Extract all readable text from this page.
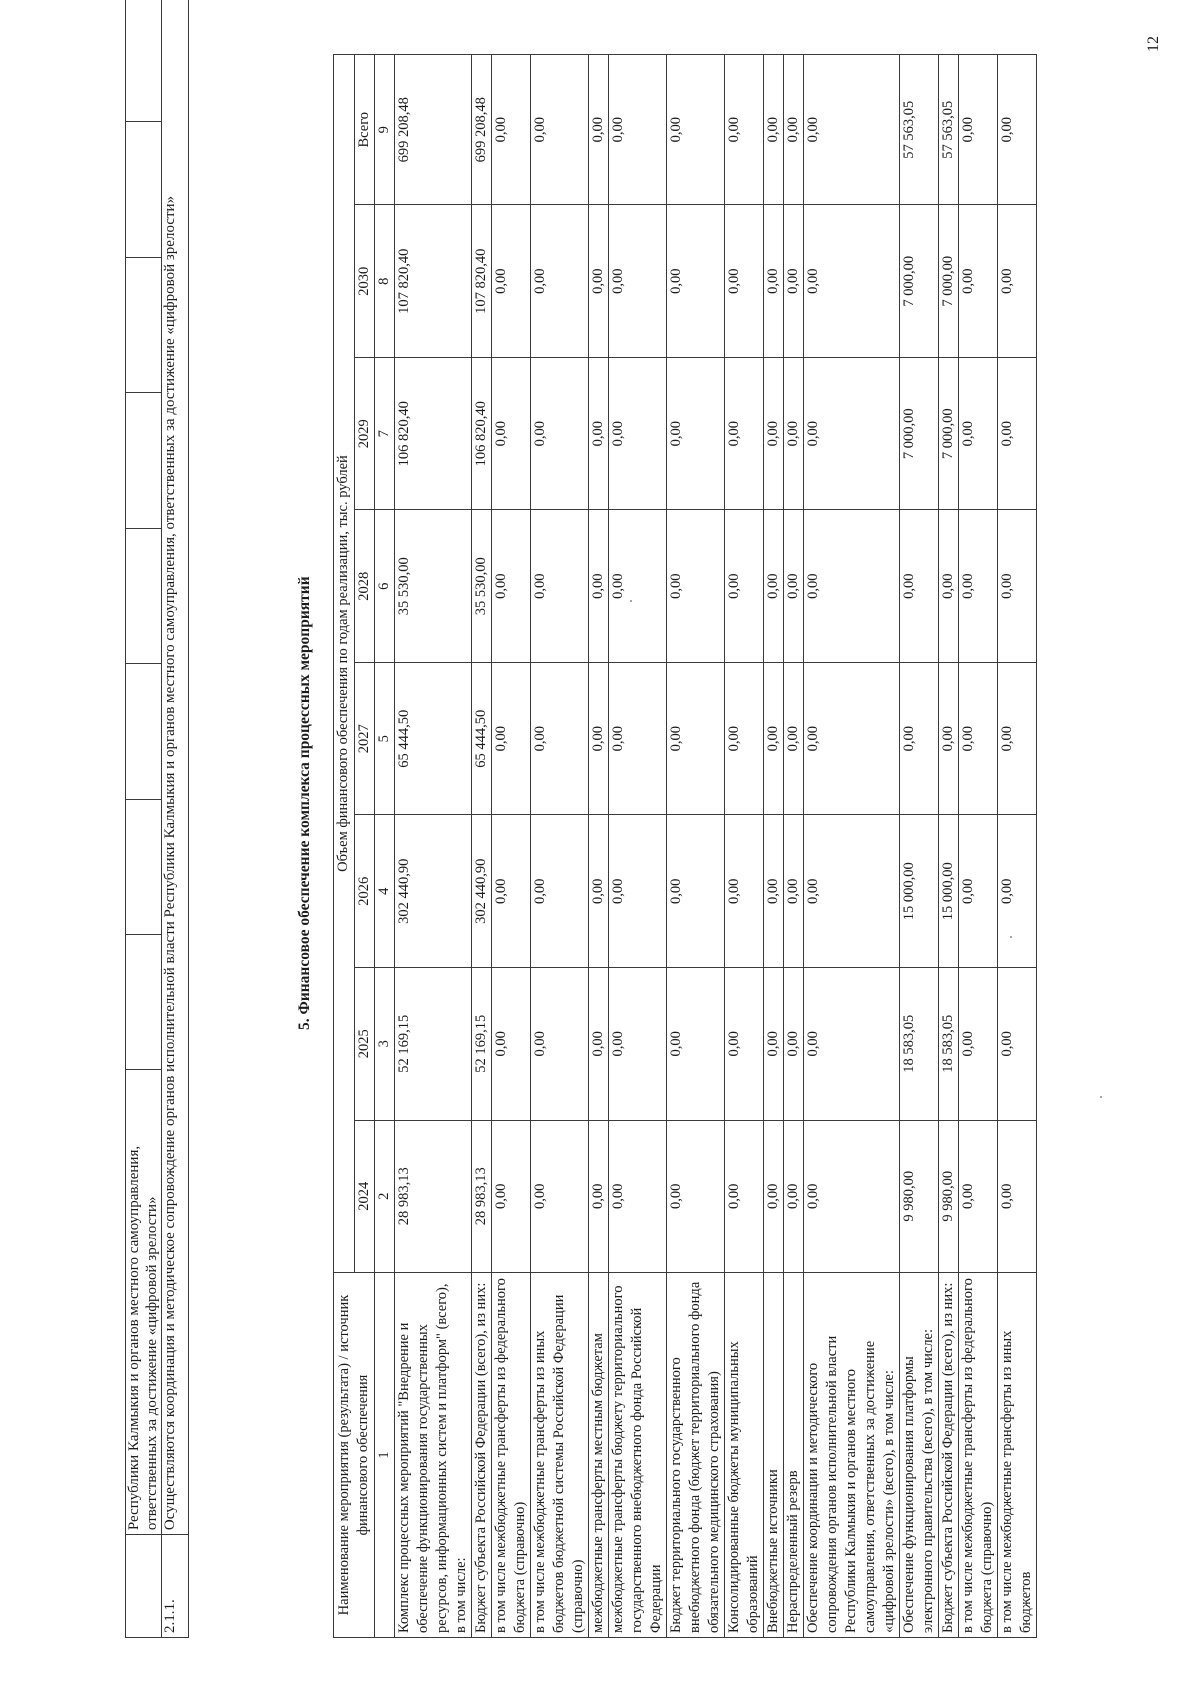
12
	Республики Калмыкия и органов местного самоуправления, ответственных за достижение «цифровой зрелости»								
2.1.1.	Осуществляются координация и методическое сопровождение органов исполнительной власти Республики Калмыкия и органов местного самоуправления, ответственных за достижение «цифровой зрелости»									5. Финансовое обеспечение комплекса процессных мероприятий
Наименование мероприятия (результата) / источник финансового обеспечения	Объем финансового обеспечения по годам реализации, тыс. рублей							
	2024	2025	2026	2027	2028	2029	2030	Всего
1	2	3	4	5	6	7	8	9
Комплекс процессных мероприятий "Внедрение и обеспечение функционирования государственных ресурсов, информационных систем и платформ" (всего), в том числе:	28 983,13	52 169,15	302 440,90	65 444,50	35 530,00	106 820,40	107 820,40	699 208,48
Бюджет субъекта Российской Федерации (всего), из них:	28 983,13	52 169,15	302 440,90	65 444,50	35 530,00	106 820,40	107 820,40	699 208,48
в том числе межбюджетные трансферты из федерального бюджета (справочно)	0,00	0,00	0,00	0,00	0,00	0,00	0,00	0,00
в том числе межбюджетные трансферты из иных бюджетов бюджетной системы Российской Федерации (справочно)	0,00	0,00	0,00	0,00	0,00	0,00	0,00	0,00
межбюджетные трансферты местным бюджетам	0,00	0,00	0,00	0,00	0,00	0,00	0,00	0,00
межбюджетные трансферты бюджету территориального государственного внебюджетного фонда Российской Федерации	0,00	0,00	0,00	0,00	0,00	0,00	0,00	0,00
Бюджет территориального государственного внебюджетного фонда (бюджет территориального фонда обязательного медицинского страхования)	0,00	0,00	0,00	0,00	0,00	0,00	0,00	0,00
Консолидированные бюджеты муниципальных образований	0,00	0,00	0,00	0,00	0,00	0,00	0,00	0,00
Внебюджетные источники	0,00	0,00	0,00	0,00	0,00	0,00	0,00	0,00
Нераспределенный резерв	0,00	0,00	0,00	0,00	0,00	0,00	0,00	0,00
Обеспечение координации и методического сопровождения органов исполнительной власти Республики Калмыкия и органов местного самоуправления, ответственных за достижение «цифровой зрелости» (всего), в том числе:	0,00	0,00	0,00	0,00	0,00	0,00	0,00	0,00
Обеспечение функционирования платформы электронного правительства (всего), в том числе:	9 980,00	18 583,05	15 000,00	0,00	0,00	7 000,00	7 000,00	57 563,05
Бюджет субъекта Российской Федерации (всего), из них:	9 980,00	18 583,05	15 000,00	0,00	0,00	7 000,00	7 000,00	57 563,05
в том числе межбюджетные трансферты из федерального бюджета (справочно)	0,00	0,00	0,00	0,00	0,00	0,00	0,00	0,00
в том числе межбюджетные трансферты из иных бюджетов	0,00	0,00	0,00	0,00	0,00	0,00	0,00	0,00
